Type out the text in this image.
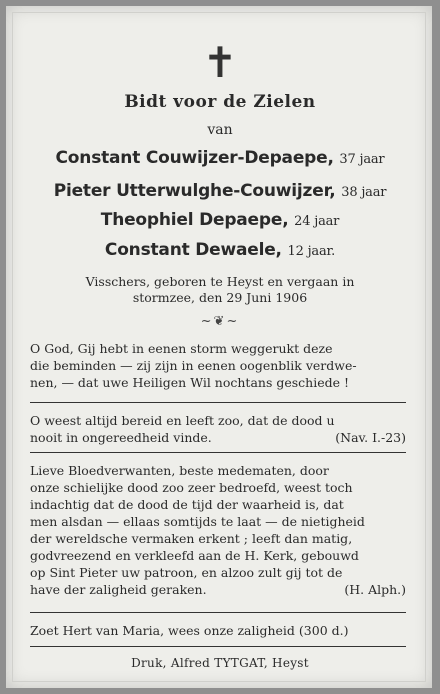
✝
Bidt voor de Zielen
van
Constant Couwijzer-Depaepe, 37 jaar
Pieter Utterwulghe-Couwijzer, 38 jaar
Theophiel Depaepe, 24 jaar
Constant Dewaele, 12 jaar.
Visschers, geboren te Heyst en vergaan in
stormzee, den 29 Juni 1906
~❦~
O God, Gij hebt in eenen storm weggerukt deze
die beminden — zij zijn in eenen oogenblik verdwe-
nen, — dat uwe Heiligen Wil nochtans geschiede !
O weest altijd bereid en leeft zoo, dat de dood u
nooit in ongereedheid vinde.	(Nav. I.-23)
Lieve Bloedverwanten, beste medematen, door
onze schielijke dood zoo zeer bedroefd, weest toch
indachtig dat de dood de tijd der waarheid is, dat
men alsdan — ellaas somtijds te laat — de nietigheid
der wereldsche vermaken erkent ; leeft dan matig,
godvreezend en verkleefd aan de H. Kerk, gebouwd
op Sint Pieter uw patroon, en alzoo zult gij tot de
have der zaligheid geraken.	(H. Alph.)
Zoet Hert van Maria, wees onze zaligheid (300 d.)
Druk, Alfred TYTGAT, Heyst
